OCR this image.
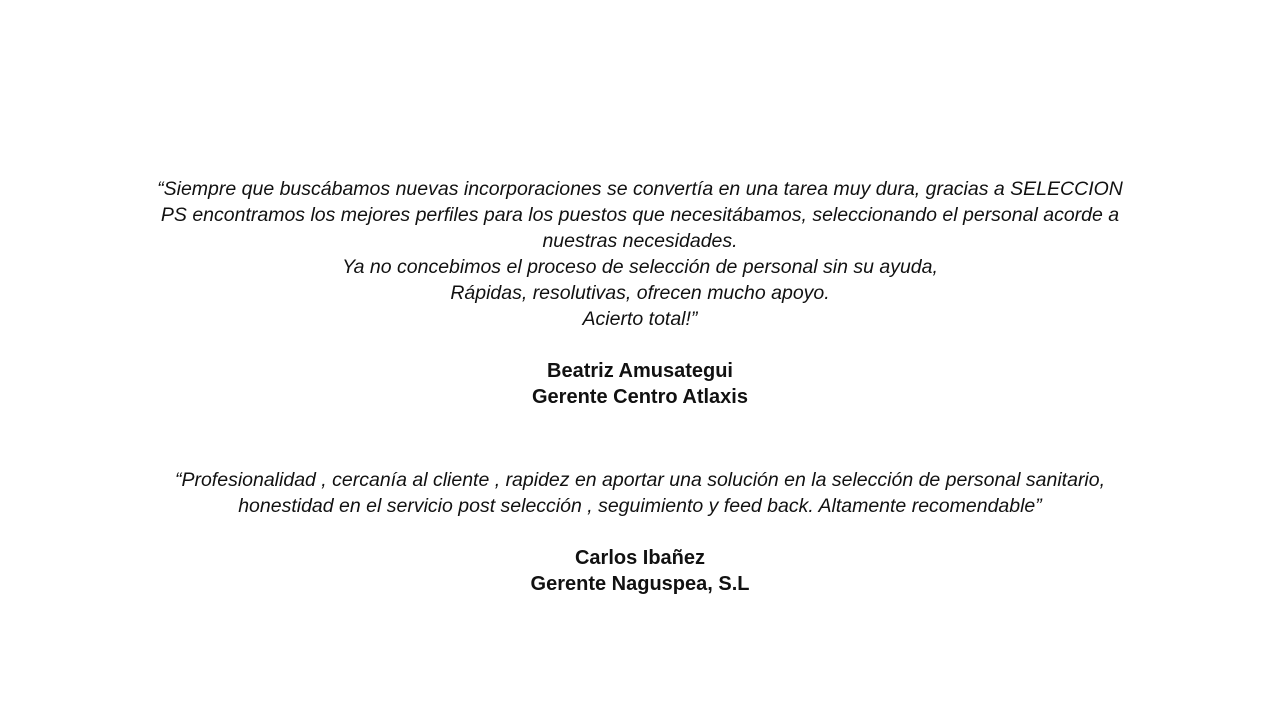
“Siempre que buscábamos nuevas incorporaciones se convertía en una tarea muy dura, gracias a SELECCION
PS encontramos los mejores perfiles para los puestos que necesitábamos, seleccionando el personal acorde a
nuestras necesidades.
Ya no concebimos el proceso de selección de personal sin su ayuda,
Rápidas, resolutivas, ofrecen mucho apoyo.
Acierto total!”
Beatriz Amusategui
Gerente Centro Atlaxis
“Profesionalidad , cercanía al cliente , rapidez en aportar una solución en la selección de personal sanitario,
honestidad en el servicio post selección , seguimiento y feed back. Altamente recomendable”
Carlos Ibañez
Gerente Naguspea, S.L
